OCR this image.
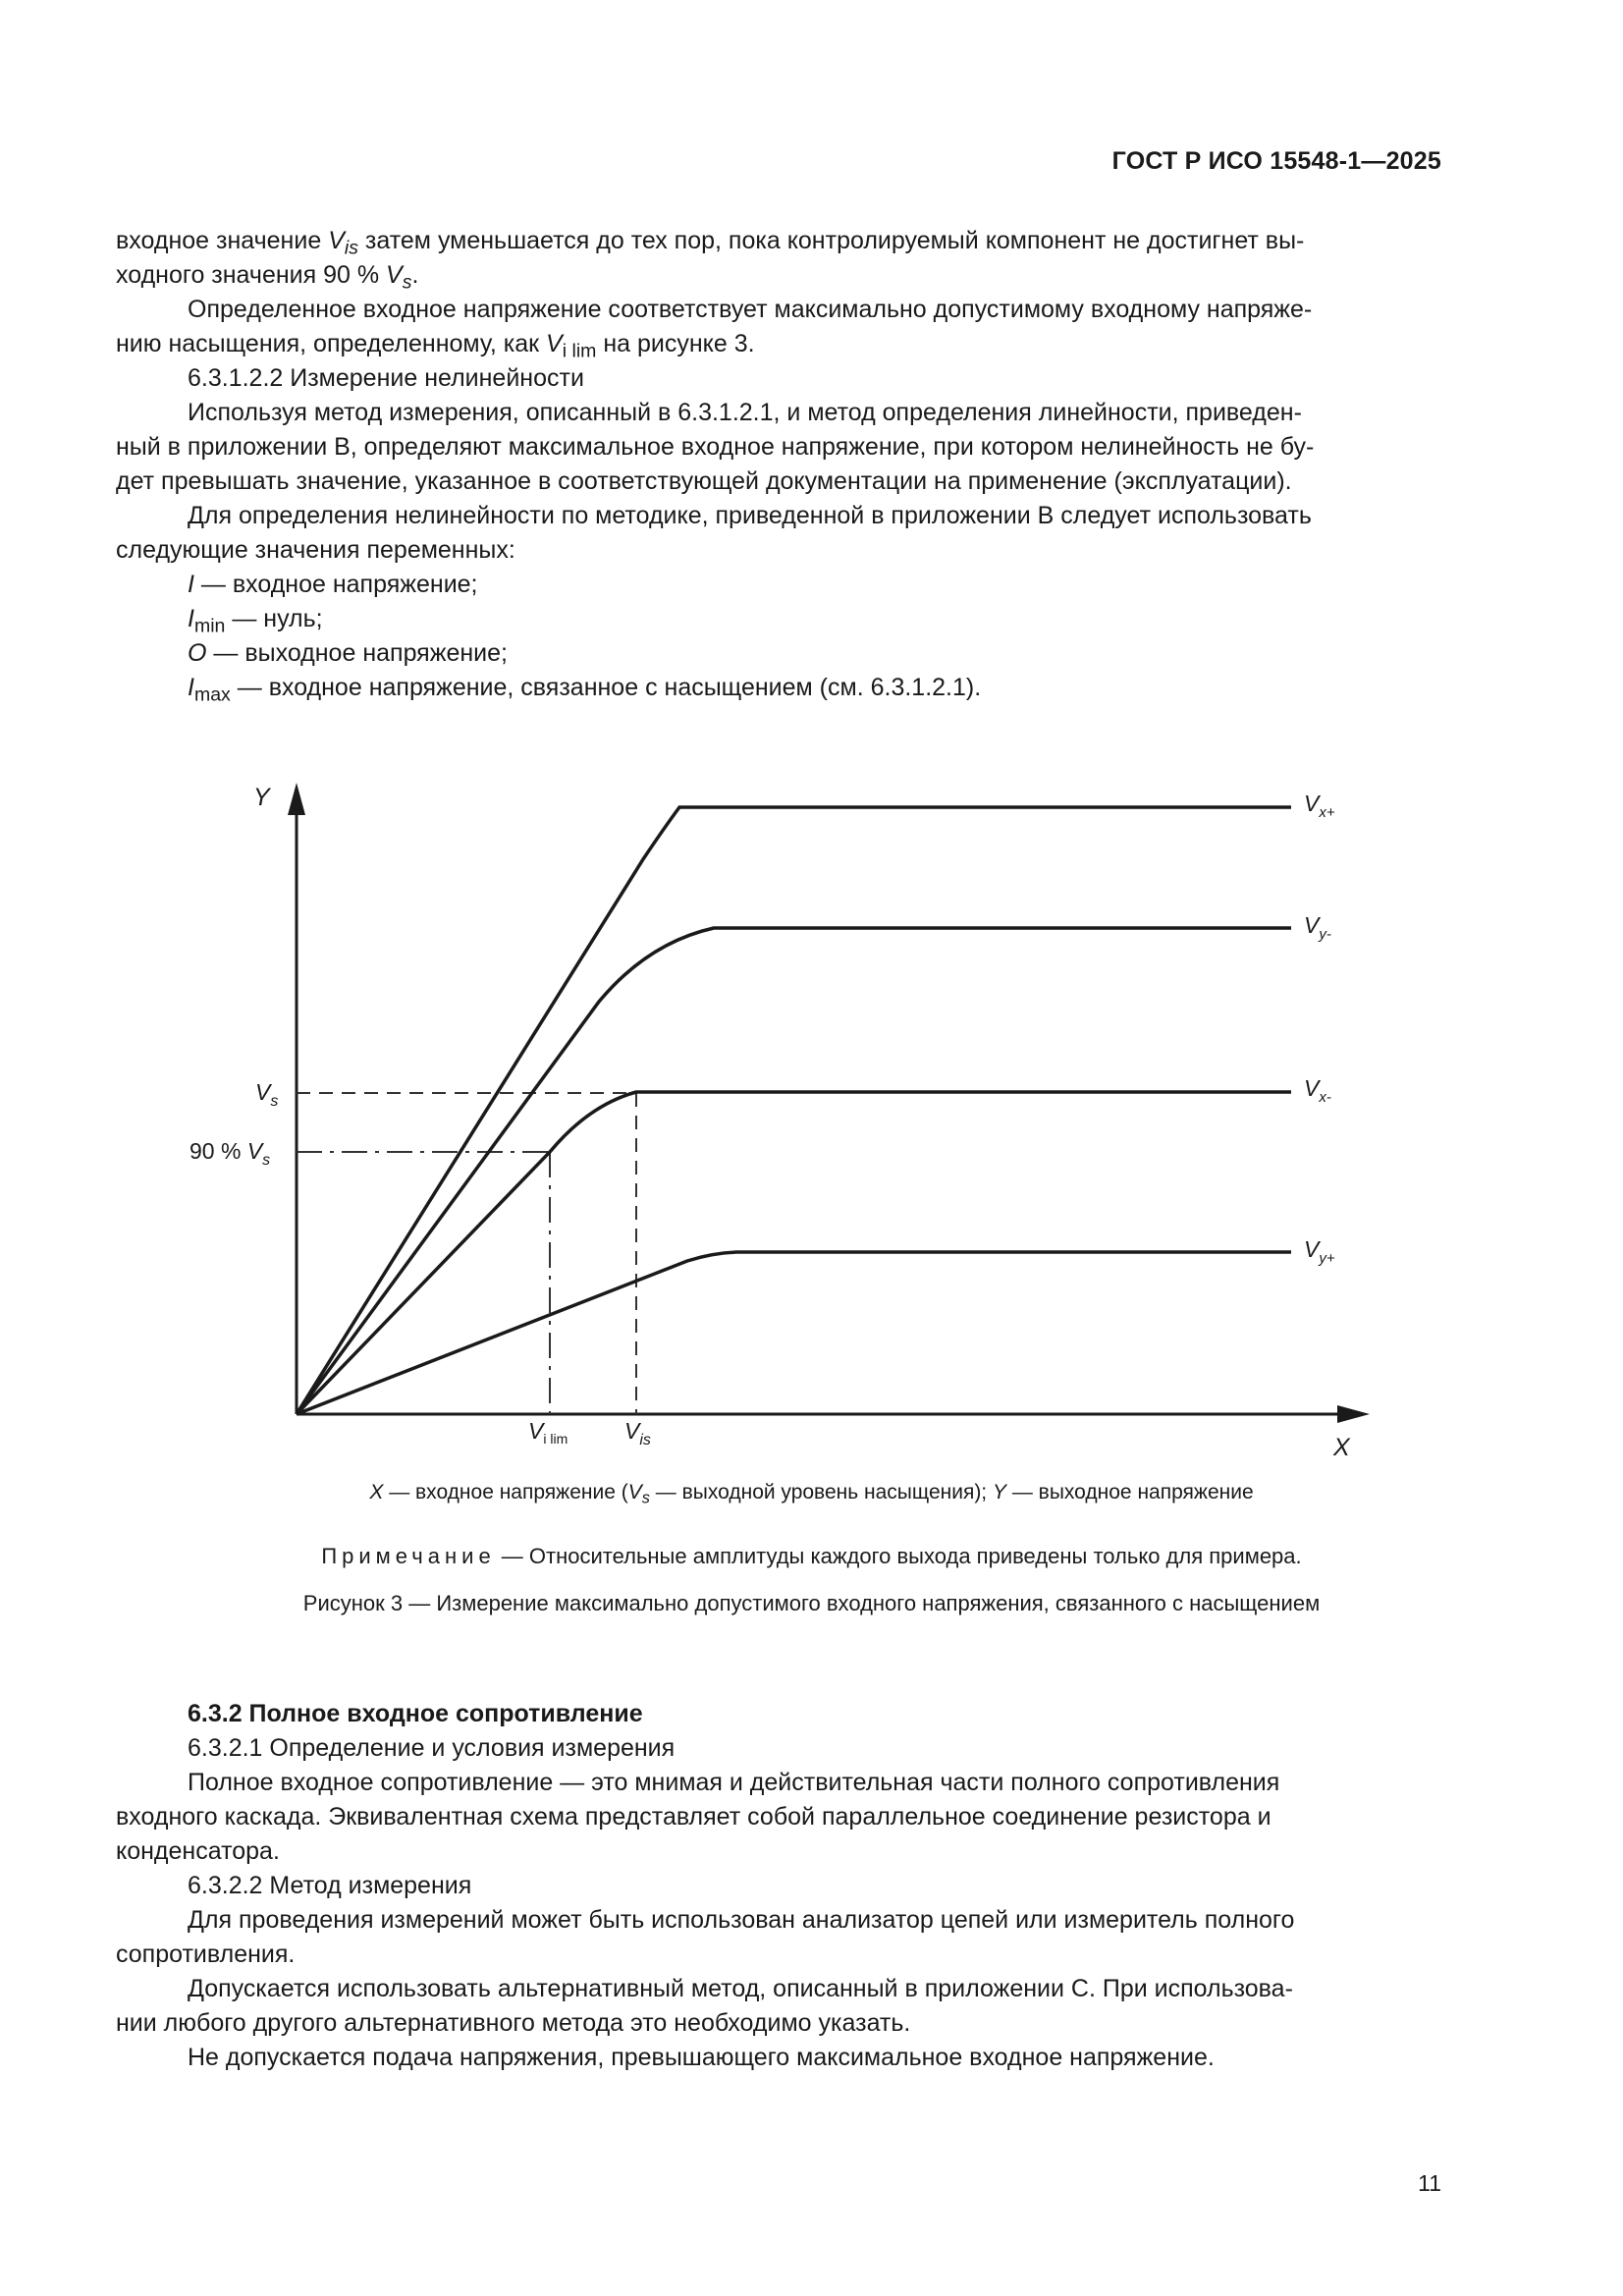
ГОСТ Р ИСО 15548-1—2025

входное значение $V_{is}$ затем уменьшается до тех пор, пока контролируемый компонент не достигнет вы-

ходного значения 90 % $V_s$.

Определенное входное напряжение соответствует максимально допустимому входному напряже-

нию насыщения, определенному, как $V_{i lim}$ на рисунке 3.

6.3.1.2.2 Измерение нелинейности

Используя метод измерения, описанный в 6.3.1.2.1, и метод определения линейности, приведен-

ный в приложении В, определяют максимальное входное напряжение, при котором нелинейность не бу-

дет превышать значение, указанное в соответствующей документации на применение (эксплуатации).

Для определения нелинейности по методике, приведенной в приложении В следует использовать

следующие значения переменных:

I — входное напряжение;

$I_{min}$ — нуль;

O — выходное напряжение;

$I_{max}$ — входное напряжение, связанное с насыщением (см. 6.3.1.2.1).

Y
X
$V_s$
90 % $V_s$
$V_{i lim}$	$V_{is}$
$V_{x+}$
$V_{y-}$
$V_{x-}$
$V_{y+}$
X — входное напряжение ($V_s$ — выходной уровень насыщения); Y — выходное напряжение
Примечание — Относительные амплитуды каждого выхода приведены только для примера.
Рисунок 3 — Измерение максимально допустимого входного напряжения, связанного с насыщением

6.3.2 Полное входное сопротивление

6.3.2.1 Определение и условия измерения

Полное входное сопротивление — это мнимая и действительная части полного сопротивления

входного каскада. Эквивалентная схема представляет собой параллельное соединение резистора и

конденсатора.

6.3.2.2 Метод измерения

Для проведения измерений может быть использован анализатор цепей или измеритель полного

сопротивления.

Допускается использовать альтернативный метод, описанный в приложении С. При использова-

нии любого другого альтернативного метода это необходимо указать.

Не допускается подача напряжения, превышающего максимальное входное напряжение.

11
